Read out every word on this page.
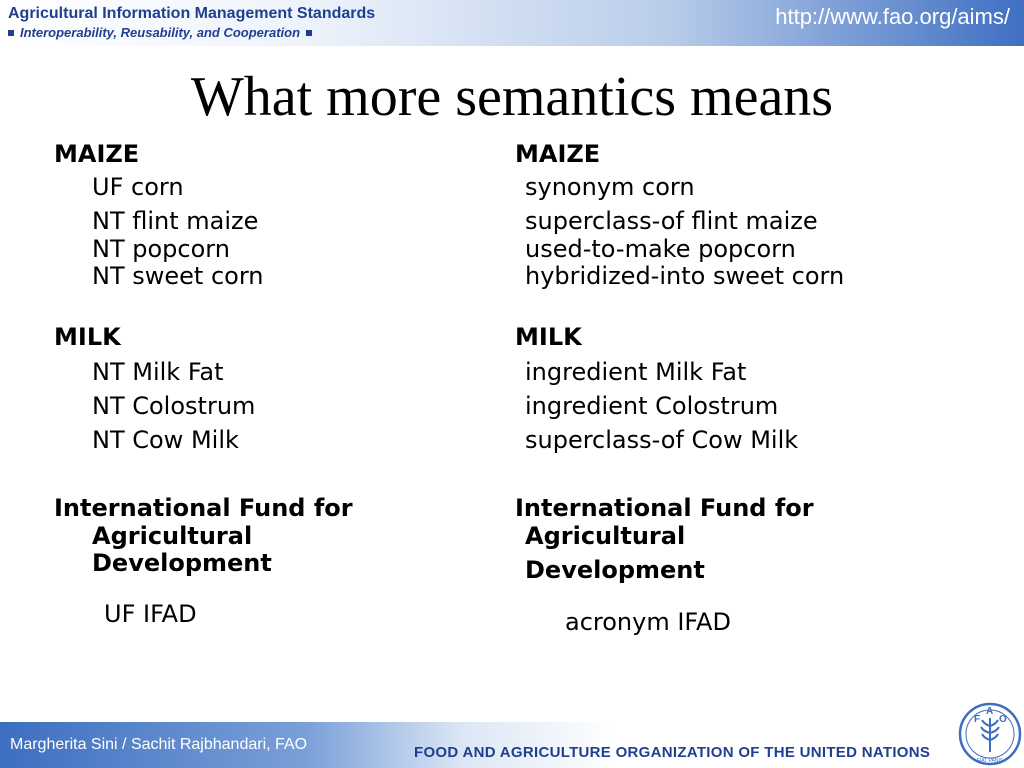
Agricultural Information Management Standards
Interoperability, Reusability, and Cooperation
http://www.fao.org/aims/
What more semantics means
MAIZE
UF corn
NT flint maize
NT popcorn
NT sweet corn
MILK
NT Milk Fat
NT Colostrum
NT Cow Milk
International Fund for
Agricultural
Development
UF IFAD
MAIZE
synonym corn
superclass-of flint maize
used-to-make popcorn
hybridized-into sweet corn
MILK
ingredient Milk Fat
ingredient Colostrum
superclass-of Cow Milk
International Fund for
Agricultural
Development
acronym IFAD
Margherita Sini / Sachit Rajbhandari, FAO	FOOD AND AGRICULTURE ORGANIZATION OF THE UNITED NATIONS
F
A
O
FIAT PANIS
